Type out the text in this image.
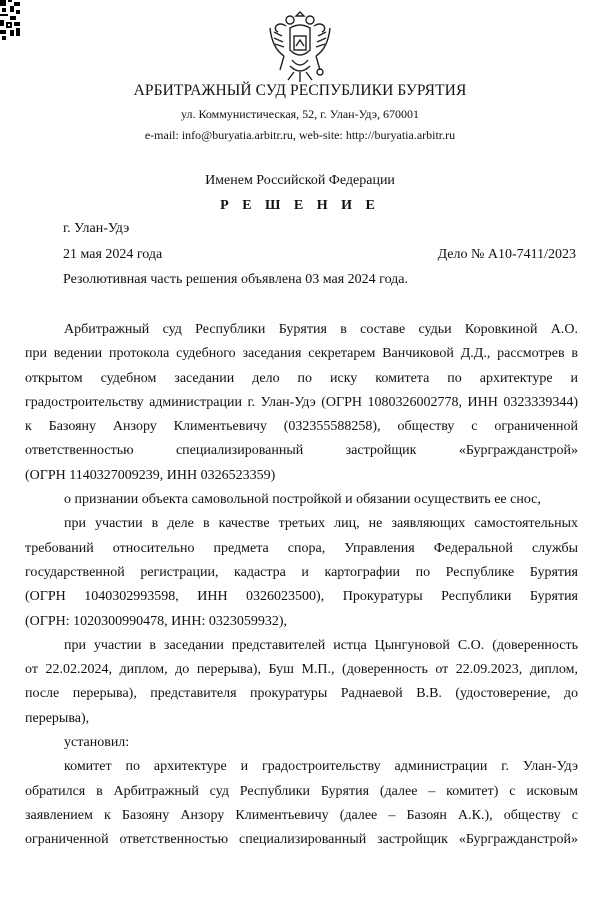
АРБИТРАЖНЫЙ СУД РЕСПУБЛИКИ БУРЯТИЯ
ул. Коммунистическая, 52, г. Улан-Удэ, 670001
e-mail: info@buryatia.arbitr.ru, web-site: http://buryatia.arbitr.ru
Именем Российской Федерации
Р Е Ш Е Н И Е
г. Улан-Удэ
21 мая 2024 года	Дело № А10-7411/2023
Резолютивная часть решения объявлена 03 мая 2024 года.
Арбитражный суд Республики Бурятия в составе судьи Коровкиной А.О.
при ведении протокола судебного заседания секретарем Ванчиковой Д.Д., рассмотрев в
открытом судебном заседании дело по иску комитета по архитектуре и
градостроительству администрации г. Улан-Удэ (ОГРН 1080326002778, ИНН 0323339344)
к Базояну Анзору Климентьевичу (032355588258), обществу с ограниченной
ответственностью специализированный застройщик «Бургражданстрой»
(ОГРН 1140327009239, ИНН 0326523359)
о признании объекта самовольной постройкой и обязании осуществить ее снос,
при участии в деле в качестве третьих лиц, не заявляющих самостоятельных
требований относительно предмета спора, Управления Федеральной службы
государственной регистрации, кадастра и картографии по Республике Бурятия
(ОГРН 1040302993598, ИНН 0326023500), Прокуратуры Республики Бурятия
(ОГРН: 1020300990478, ИНН: 0323059932),
при участии в заседании представителей истца Цынгуновой С.О. (доверенность
от 22.02.2024, диплом, до перерыва), Буш М.П., (доверенность от 22.09.2023, диплом,
после перерыва), представителя прокуратуры Раднаевой В.В. (удостоверение, до
перерыва),
установил:
комитет по архитектуре и градостроительству администрации г. Улан-Удэ
обратился в Арбитражный суд Республики Бурятия (далее – комитет) с исковым
заявлением к Базояну Анзору Климентьевичу (далее – Базоян А.К.), обществу с
ограниченной ответственностью специализированный застройщик «Бургражданстрой»
